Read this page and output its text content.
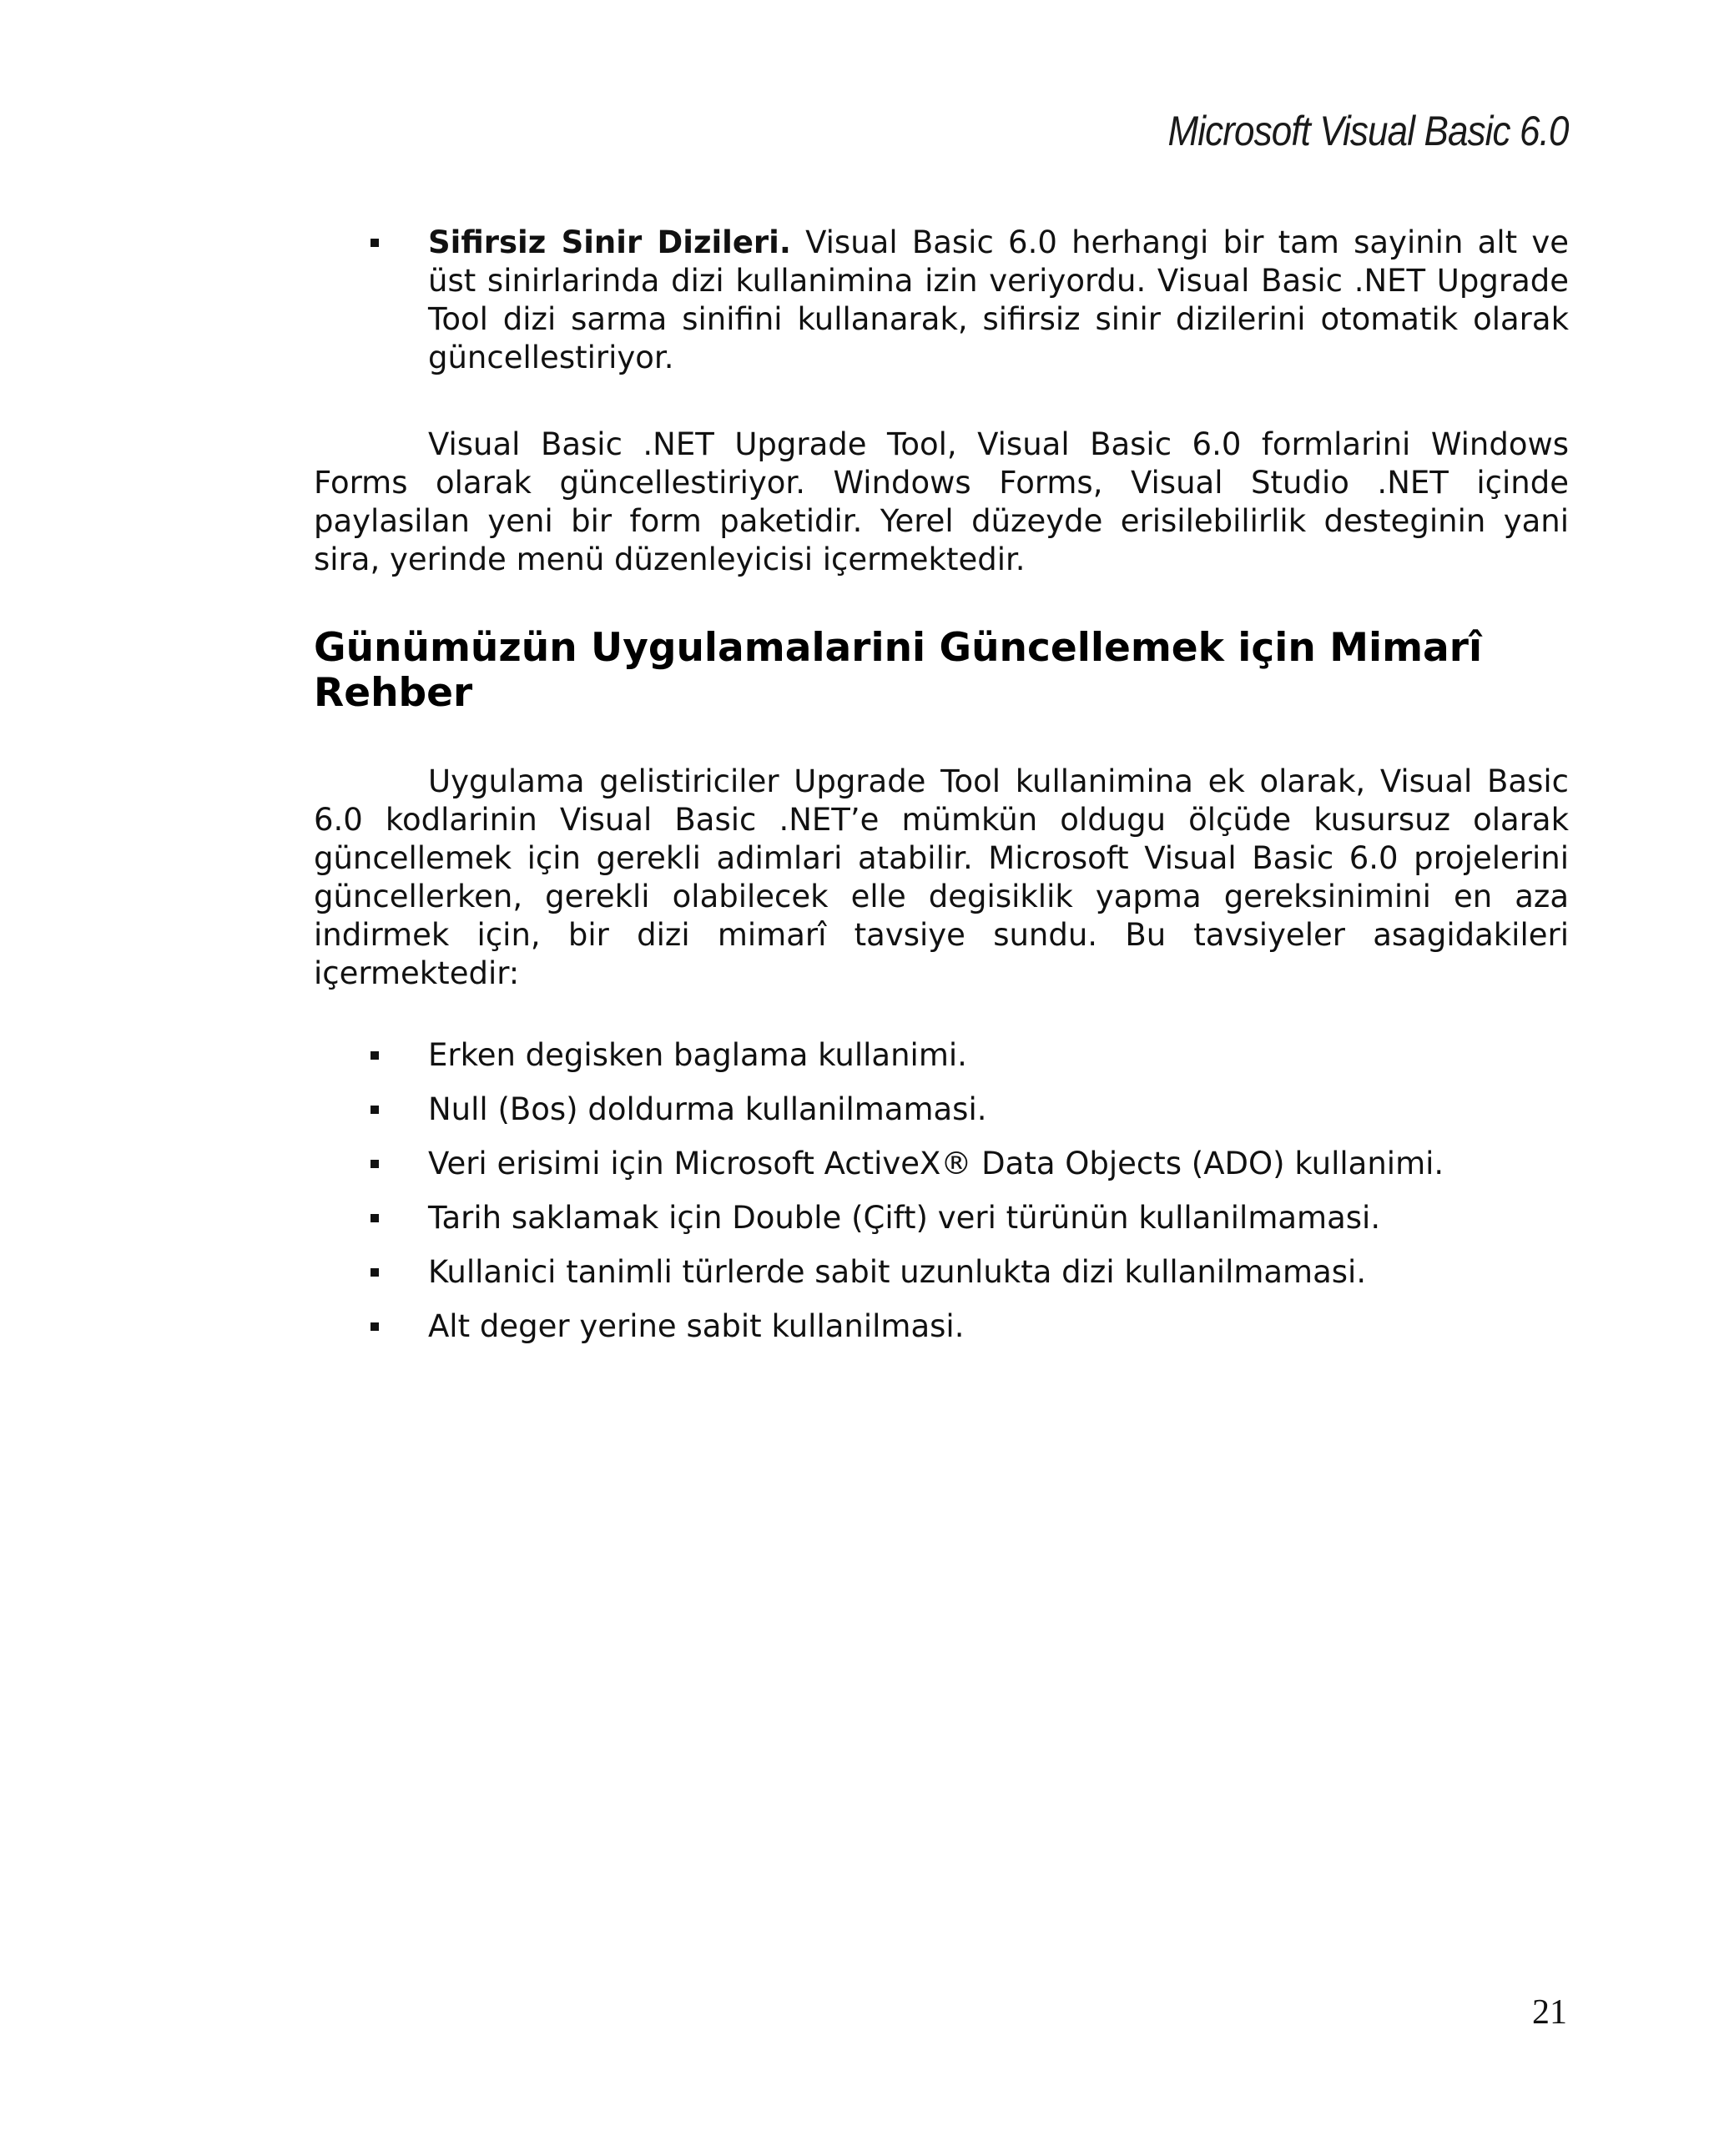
Microsoft Visual Basic 6.0
Sifirsiz Sinir Dizileri. Visual Basic 6.0 herhangi bir tam sayinin alt ve üst sinirlarinda dizi kullanimina izin veriyordu. Visual Basic .NET Upgrade Tool dizi sarma sinifini kullanarak, sifirsiz sinir dizilerini otomatik olarak güncellestiriyor.

Visual Basic .NET Upgrade Tool, Visual Basic 6.0 formlarini Windows Forms olarak güncellestiriyor. Windows Forms, Visual Studio .NET içinde paylasilan yeni bir form paketidir. Yerel düzeyde erisilebilirlik desteginin yani sira, yerinde menü düzenleyicisi içermektedir.

Günümüzün Uygulamalarini Güncellemek için Mimarî Rehber

Uygulama gelistiriciler Upgrade Tool kullanimina ek olarak, Visual Basic 6.0 kodlarinin Visual Basic .NET’e mümkün oldugu ölçüde kusursuz olarak güncellemek için gerekli adimlari atabilir. Microsoft Visual Basic 6.0 projelerini güncellerken, gerekli olabilecek elle degisiklik yapma gereksinimini en aza indirmek için, bir dizi mimarî tavsiye sundu. Bu tavsiyeler asagidakileri içermektedir:

Erken degisken baglama kullanimi.
Null (Bos) doldurma kullanilmamasi.
Veri erisimi için Microsoft ActiveX® Data Objects (ADO) kullanimi.
Tarih saklamak için Double (Çift) veri türünün kullanilmamasi.
Kullanici tanimli türlerde sabit uzunlukta dizi kullanilmamasi.
Alt deger yerine sabit kullanilmasi.
21
